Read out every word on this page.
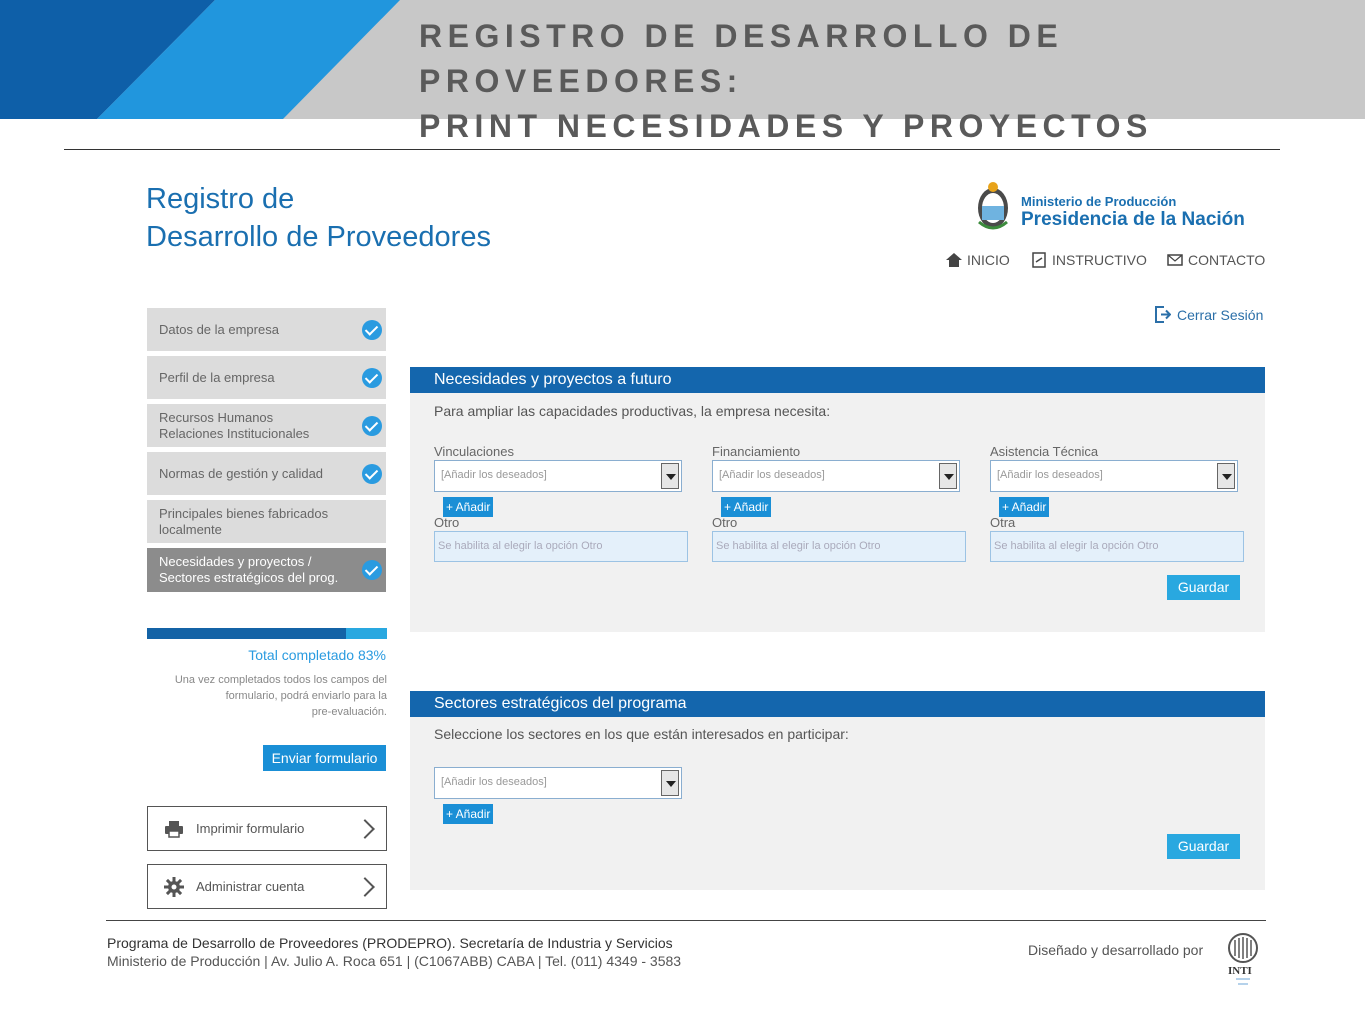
REGISTRO DE DESARROLLO DE PROVEEDORES:
PRINT NECESIDADES Y PROYECTOS
Registro de
Desarrollo de Proveedores
Ministerio de Producción
Presidencia de la Nación
INICIO	INSTRUCTIVO	CONTACTO
Cerrar Sesión
Datos de la empresa
Perfil de la empresa
Recursos Humanos
Relaciones Institucionales
Normas de gestión y calidad
Principales bienes fabricados
localmente
Necesidades y proyectos /
Sectores estratégicos del prog.
Total completado 83%
Una vez completados todos los campos del
formulario, podrá enviarlo para la
pre-evaluación.
Enviar formulario
Imprimir formulario
Administrar cuenta
Necesidades y proyectos a futuro
Para ampliar las capacidades productivas, la empresa necesita:
Vinculaciones
[Añadir los deseados]
+ Añadir
Otro
Se habilita al elegir la opción Otro
Financiamiento
[Añadir los deseados]
+ Añadir
Otro
Se habilita al elegir la opción Otro
Asistencia Técnica
[Añadir los deseados]
+ Añadir
Otra
Se habilita al elegir la opción Otro
Guardar
Sectores estratégicos del programa
Seleccione los sectores en los que están interesados en participar:
[Añadir los deseados]
+ Añadir
Guardar
Programa de Desarrollo de Proveedores (PRODEPRO). Secretaría de Industria y Servicios
Ministerio de Producción | Av. Julio A. Roca 651 | (C1067ABB) CABA | Tel. (011) 4349 - 3583
Diseñado y desarrollado por
INTI
